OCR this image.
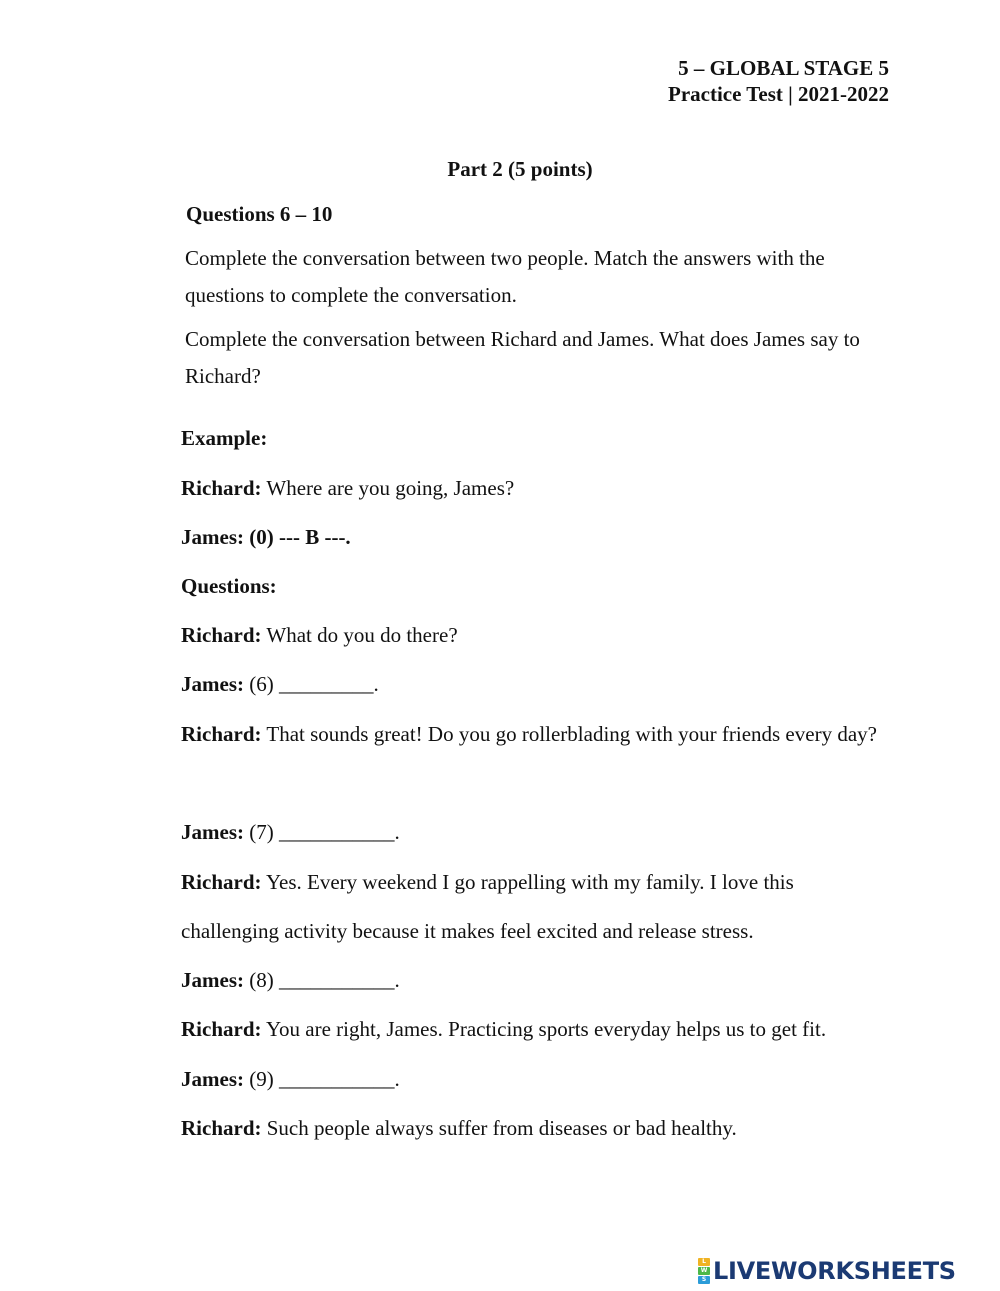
5 – GLOBAL STAGE 5
Practice Test | 2021-2022
Part 2 (5 points)
Questions 6 – 10
Complete the conversation between two people. Match the answers with the questions to complete the conversation.
Complete the conversation between Richard and James. What does James say to Richard?
Example:
Richard: Where are you going, James?
James: (0) --- B ---.
Questions:
Richard: What do you do there?
James: (6) _________.
Richard: That sounds great! Do you go rollerblading with your friends every day?
James: (7) ___________.
Richard: Yes. Every weekend I go rappelling with my family. I love this challenging activity because it makes feel excited and release stress.
James: (8) ___________.
Richard: You are right, James. Practicing sports everyday helps us to get fit.
James: (9) ___________.
Richard: Such people always suffer from diseases or bad healthy.
L
W
S LIVEWORKSHEETS
